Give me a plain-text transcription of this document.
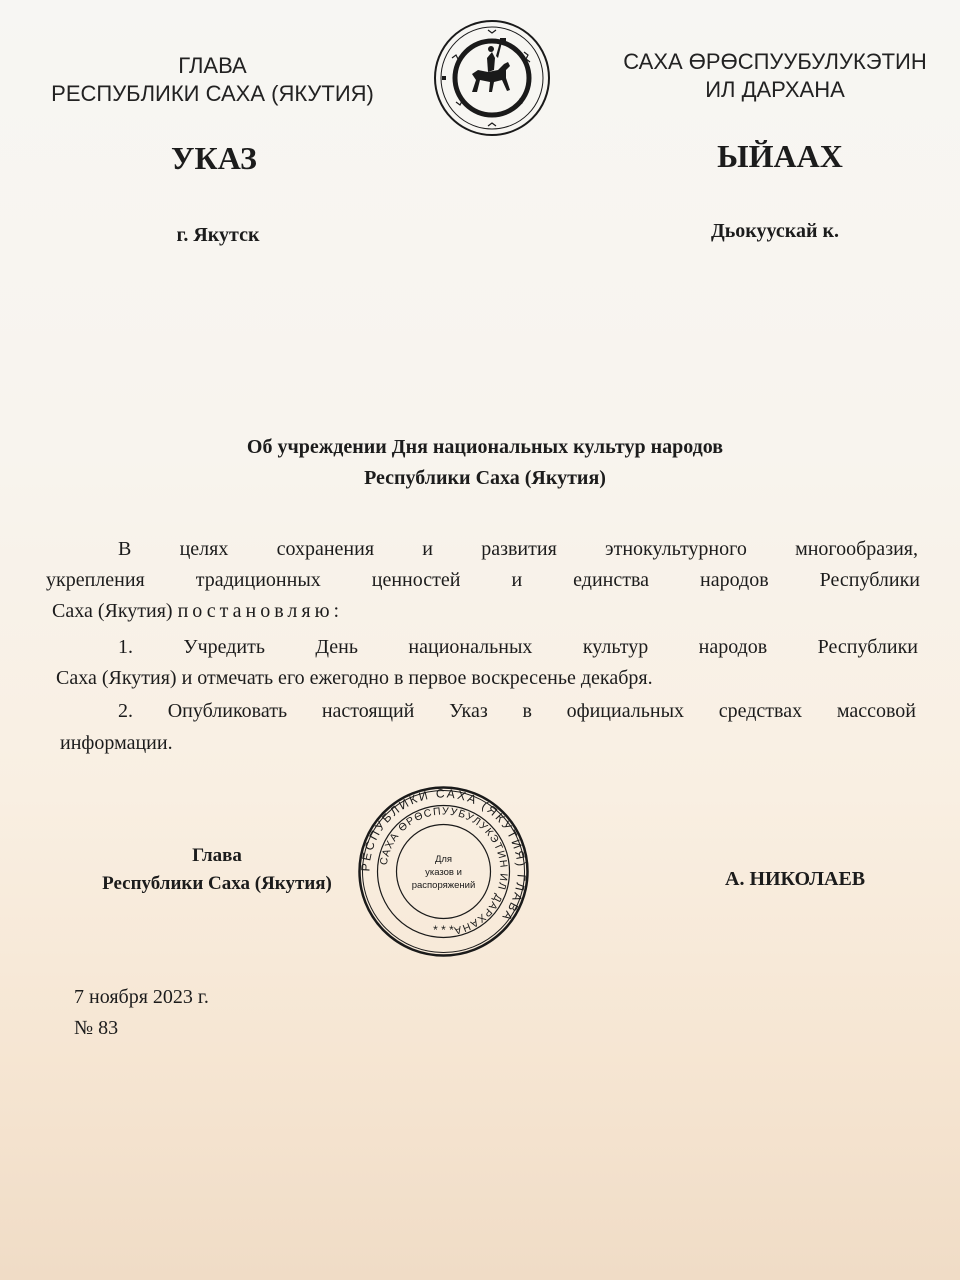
ГЛАВА
РЕСПУБЛИКИ САХА (ЯКУТИЯ)
САХА ӨРӨСПУУБУЛУКЭТИН
ИЛ ДАРХАНА
УКАЗ	ЫЙААХ
г. Якутск	Дьокуускай к.
Об учреждении Дня национальных культур народов
Республики Саха (Якутия)
В целях сохранения и развития этнокультурного многообразия,
укрепления традиционных ценностей и единства народов Республики
Саха (Якутия) постановляю:
1. Учредить День национальных культур народов Республики
Саха (Якутия) и отмечать его ежегодно в первое воскресенье декабря.
2. Опубликовать настоящий Указ в официальных средствах массовой
информации.
Глава
Республики Саха (Якутия)	А. НИКОЛАЕВ
РЕСПУБЛИКИ САХА (ЯКУТИЯ) ГЛАВА
САХА ӨРӨСПУУБУЛУКЭТИН ИЛ ДАРХАНА
Для
указов и
распоряжений
* * *
7 ноября 2023 г.
№ 83
